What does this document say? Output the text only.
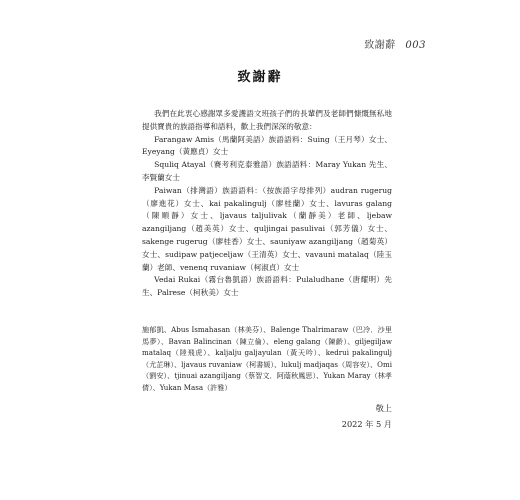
致謝辭 003
致謝辭

我們在此衷心感謝眾多愛護語文班孩子們的長輩們及老師們慷慨無私地提供寶貴的族語指導和語料，歡上我們深深的敬意：

Farangaw Amis（馬蘭阿美語）族語語料：Suing（王月琴）女士、Eyeyang（黃應貞）女士

Squliq Atayal（賽考利克泰雅語）族語語料：Maray Yukan 先生、李賢蘭女士

Paiwan（排灣語）族語語料：（按族語字母排列）audran rugerug（廖進花）女士、kai pakalingulj（廖桂蘭）女士、lavuras galang（陳順靜）女士、ljavaus taljulivak（蘭靜美）老師、ljebaw azangiljang（趙美英）女士、quljingai pasulivai（郭芳儀）女士、sakenge rugerug（廖桂香）女士、sauniyaw azangiljang（趙菊英）女士、sudipaw patjeceljaw（王清英）女士、vavauni matalaq（陸玉蘭）老師、venenq ruvaniaw（柯淑貞）女士

Vedai Rukai（霧台魯凱語）族語語料：Pulaludhane（唐耀明）先生、Palrese（柯秋美）女士

施郁凱、Abus Ismahasan（林美芬）、Balenge Thalrimaraw（巴冷．沙里馬夢）、Bavan Balincinan（陳立倫）、eleng galang（陳齡）、giljegiljaw matalaq（陸飛虎）、kaljalju galjayulan（黃天吟）、kedrui pakalingulj（尤芷琳）、ljavaus ruvaniaw（柯書媛）、lukulj madjaqas（周容安）、Omi（劉安）、tjinuai azangiljang（蔡智文．阿蔭秋鳳思）、Yukan Maray（林孝倩）、Yukan Masa（許雅）
敬上
2022 年 5 月
